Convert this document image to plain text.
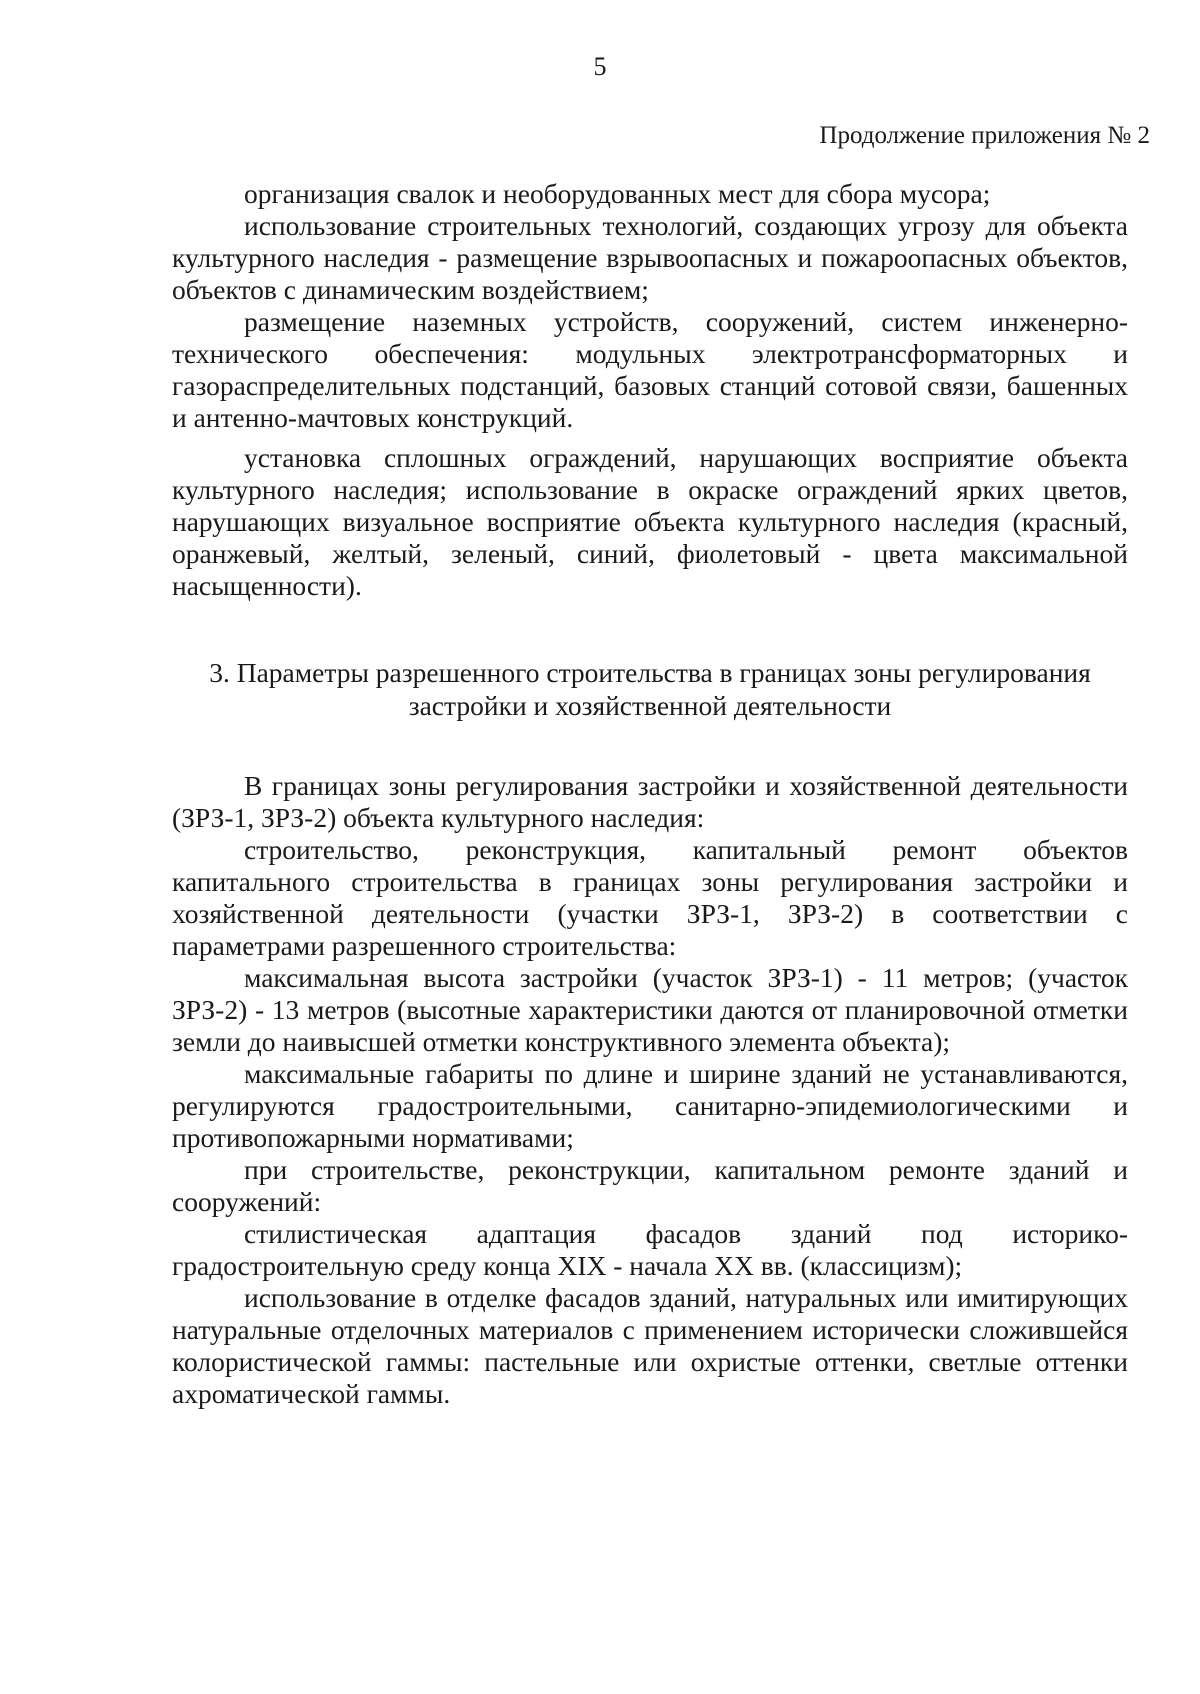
5
Продолжение приложения № 2

организация свалок и необорудованных мест для сбора мусора;

использование строительных технологий, создающих угрозу для объекта культурного наследия - размещение взрывоопасных и пожароопасных объектов, объектов с динамическим воздействием;

размещение наземных устройств, сооружений, систем инженерно-технического обеспечения: модульных электротрансформаторных и газораспределительных подстанций, базовых станций сотовой связи, башенных и антенно-мачтовых конструкций.

установка сплошных ограждений, нарушающих восприятие объекта культурного наследия; использование в окраске ограждений ярких цветов, нарушающих визуальное восприятие объекта культурного наследия (красный, оранжевый, желтый, зеленый, синий, фиолетовый - цвета максимальной насыщенности).

3. Параметры разрешенного строительства в границах зоны регулирования застройки и хозяйственной деятельности

В границах зоны регулирования застройки и хозяйственной деятельности (ЗРЗ-1, ЗРЗ-2) объекта культурного наследия:

строительство, реконструкция, капитальный ремонт объектов капитального строительства в границах зоны регулирования застройки и хозяйственной деятельности (участки ЗРЗ-1, ЗРЗ-2) в соответствии с параметрами разрешенного строительства:

максимальная высота застройки (участок ЗРЗ-1) - 11 метров; (участок ЗРЗ-2) - 13 метров (высотные характеристики даются от планировочной отметки земли до наивысшей отметки конструктивного элемента объекта);

максимальные габариты по длине и ширине зданий не устанавливаются, регулируются градостроительными, санитарно-эпидемиологическими и противопожарными нормативами;

при строительстве, реконструкции, капитальном ремонте зданий и сооружений:

стилистическая адаптация фасадов зданий под историко-градостроительную среду конца XIX - начала XX вв. (классицизм);

использование в отделке фасадов зданий, натуральных или имитирующих натуральные отделочных материалов с применением исторически сложившейся колористической гаммы: пастельные или охристые оттенки, светлые оттенки ахроматической гаммы.
